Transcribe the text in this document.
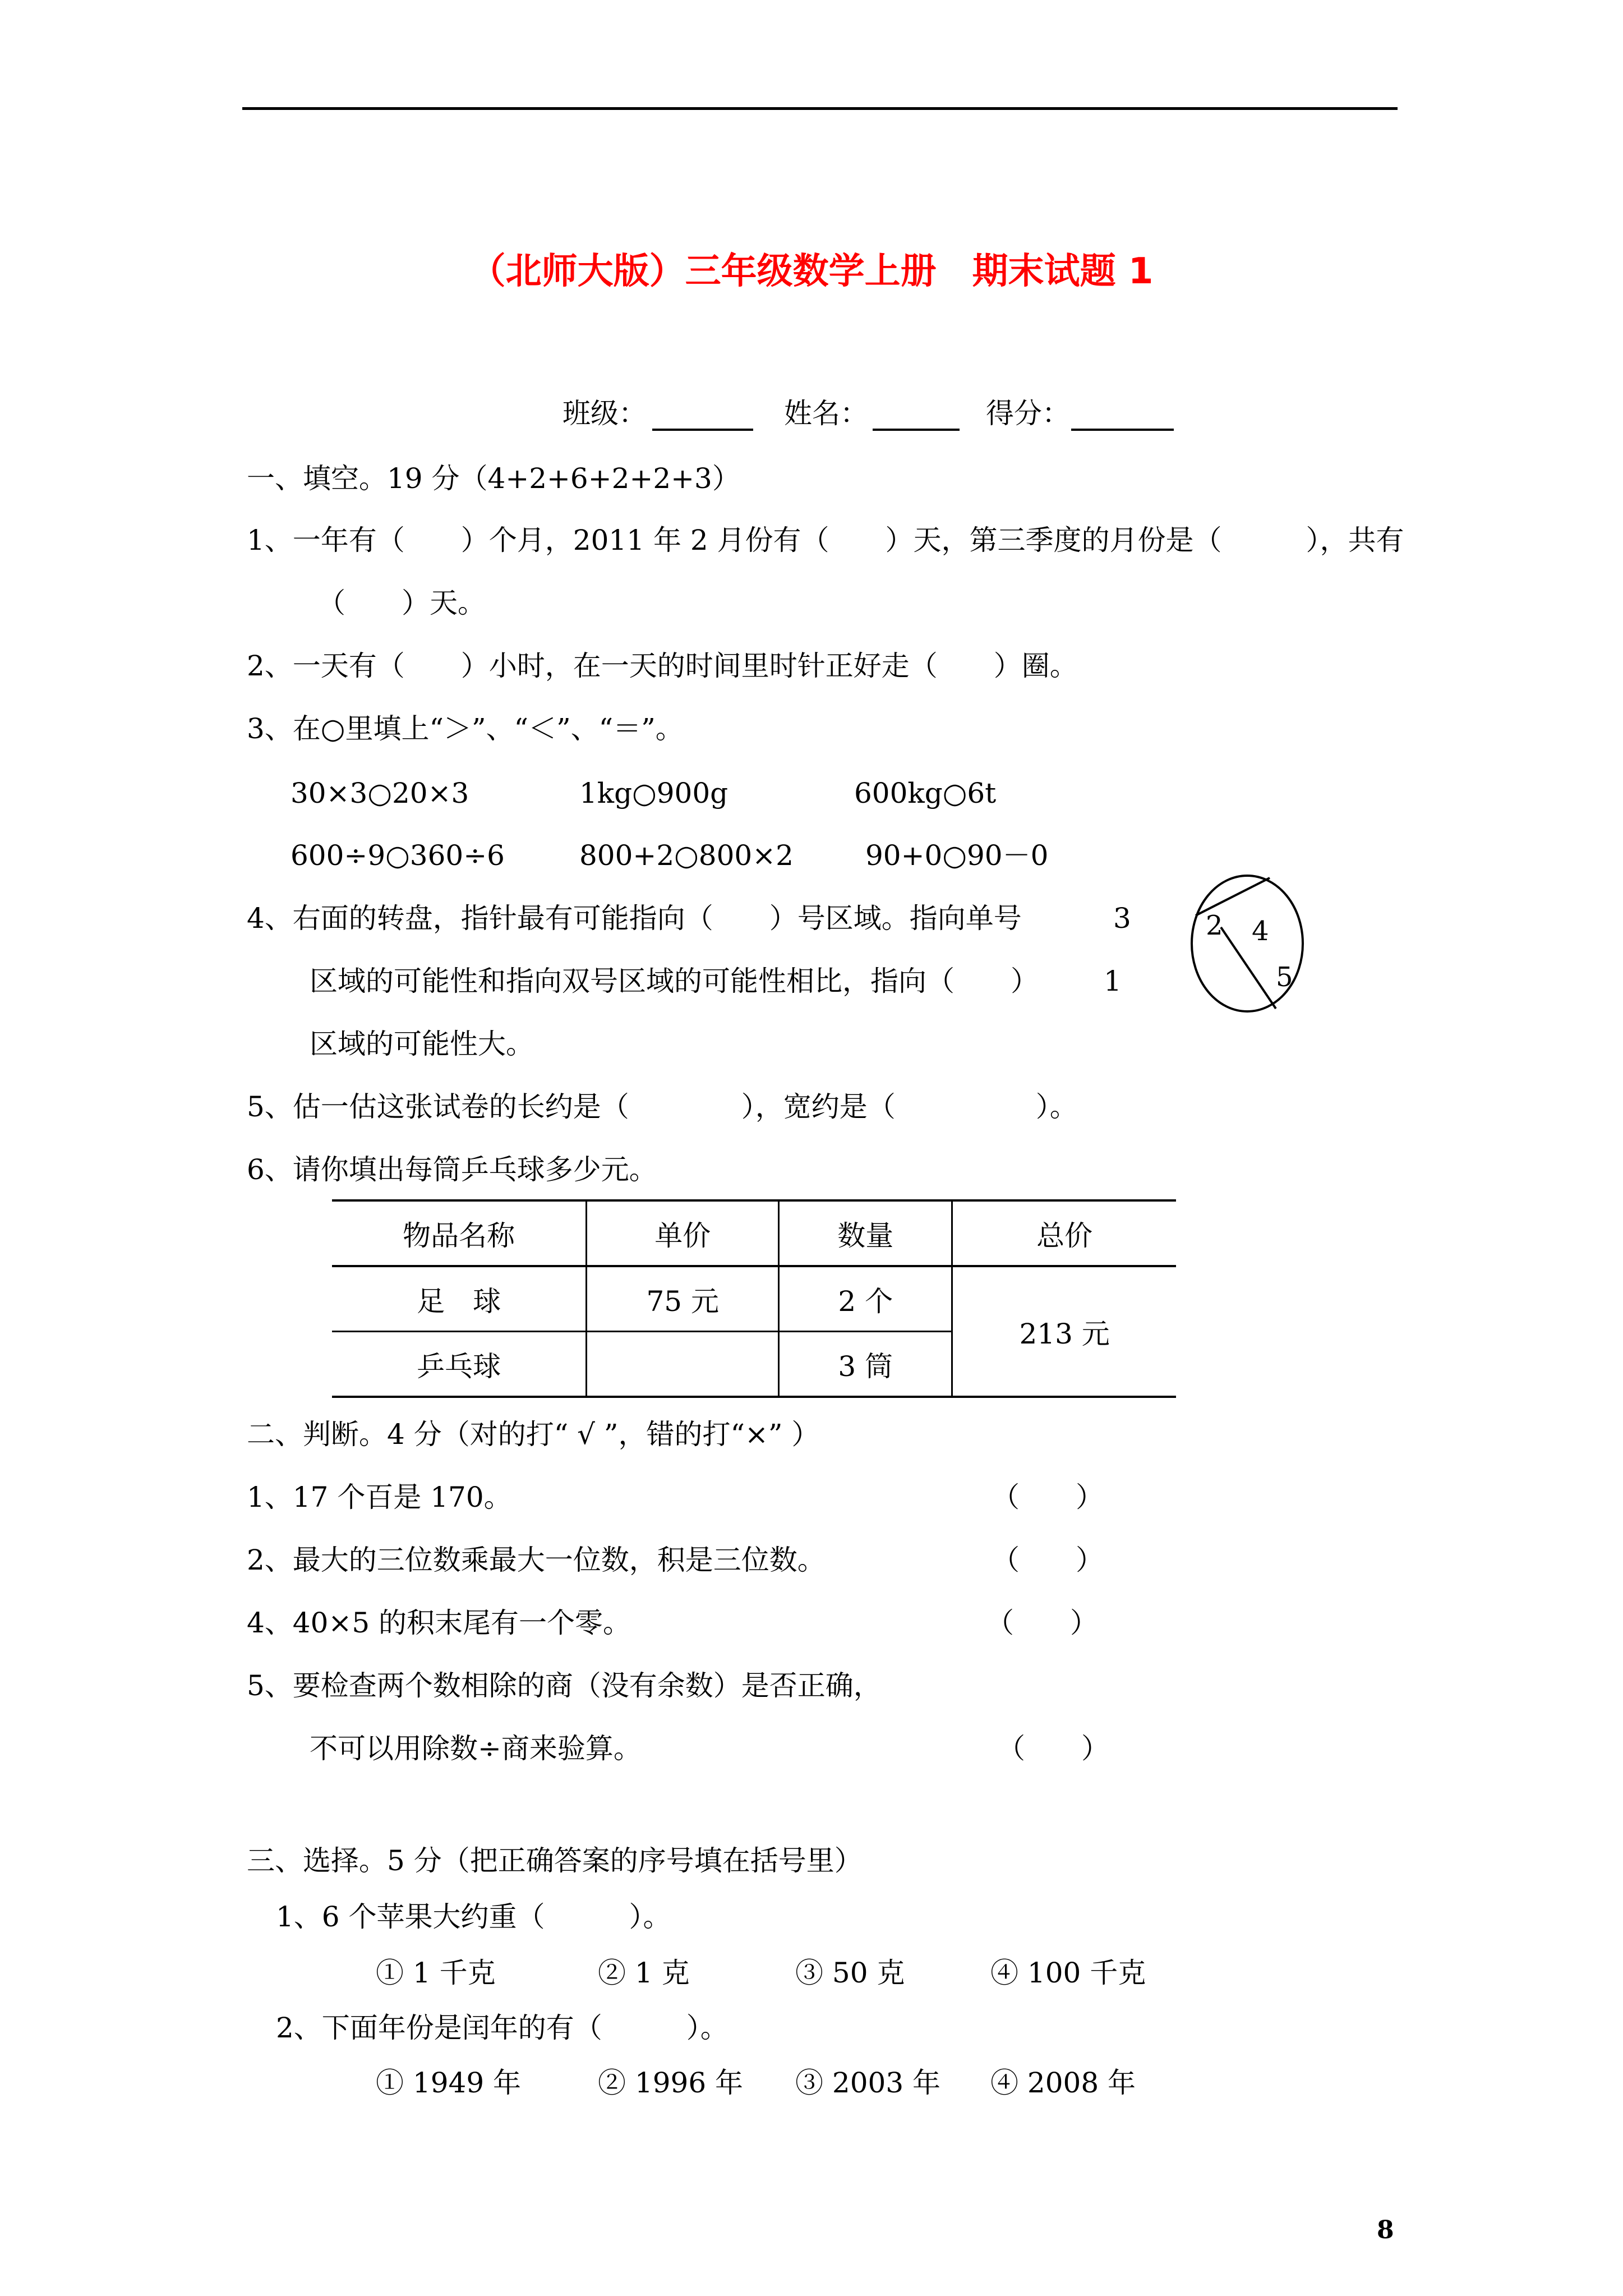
（北师大版）三年级数学上册　期末试题 1
班级：	姓名：	得分：
一、填空。19 分（4+2+6+2+2+3）
1、一年有（　　）个月，2011 年 2 月份有（　　）天，第三季度的月份是（　　　），共有
（　　）天。
2、一天有（　　）小时，在一天的时间里时针正好走（　　）圈。
3、在○里填上“＞”、“＜”、“＝”。
30×3○20×3	1kg○900g	600kg○6t
600÷9○360÷6	800+2○800×2	90+0○90－0
4、右面的转盘，指针最有可能指向（　　）号区域。指向单号	3
区域的可能性和指向双号区域的可能性相比，指向（　　） 1
区域的可能性大。
2 4
5
5、估一估这张试卷的长约是（　　　　），宽约是（　　　　　）。
6、请你填出每筒乒乓球多少元。
物品名称	单价	数量	总价
足　球	75 元	2 个	213 元
乒乓球		3 筒	
二、判断。4 分（对的打“ √ ”，错的打“×” ）
1、17 个百是 170。	（　　）
2、最大的三位数乘最大一位数，积是三位数。	（　　）
4、40×5 的积末尾有一个零。	（　　）
5、要检查两个数相除的商（没有余数）是否正确，
不可以用除数÷商来验算。	（　　）
三、选择。5 分（把正确答案的序号填在括号里）
1、6 个苹果大约重（　　　）。
① 1 千克	② 1 克	③ 50 克	④ 100 千克
2、下面年份是闰年的有（　　　）。
① 1949 年	② 1996 年 ③ 2003 年 ④ 2008 年
8
